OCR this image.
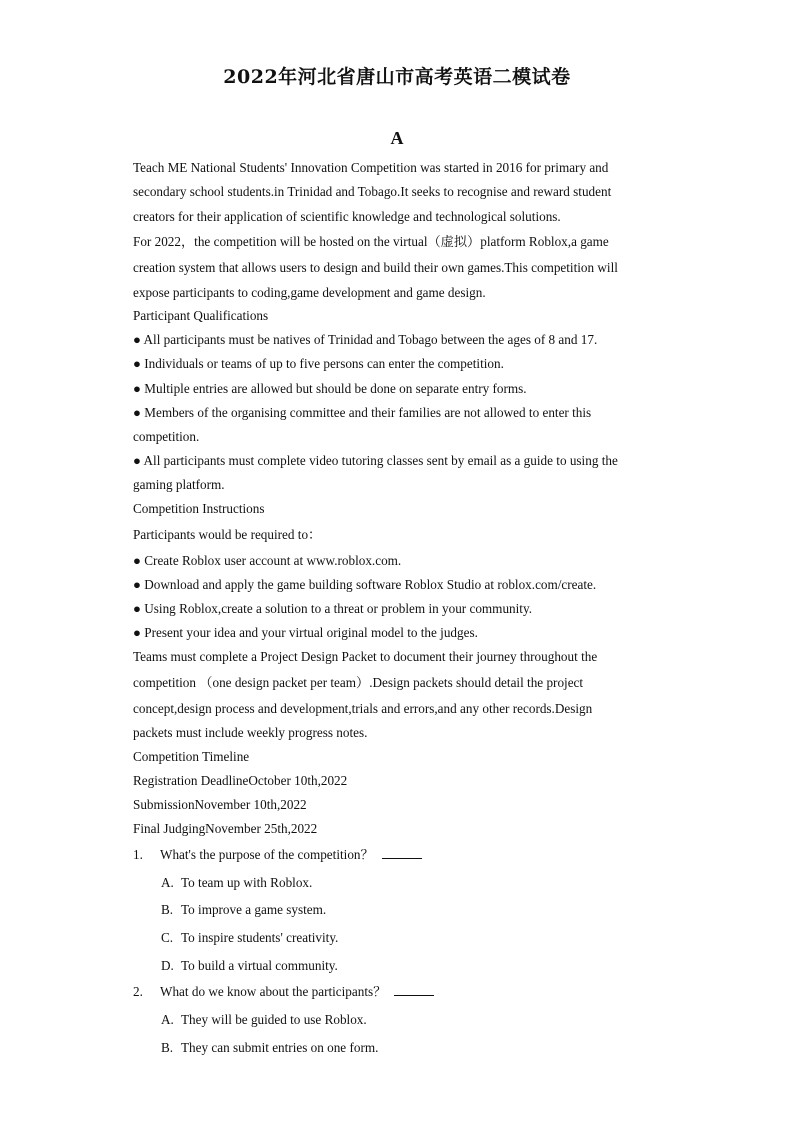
2022年河北省唐山市高考英语二模试卷
A
Teach ME National Students' Innovation Competition was started in 2016 for primary and
secondary school students.in Trinidad and Tobago.It seeks to recognise and reward student
creators for their application of scientific knowledge and technological solutions.
For 2022，the competition will be hosted on the virtual（虚拟）platform Roblox,a game
creation system that allows users to design and build their own games.This competition will
expose participants to coding,game development and game design.
Participant Qualifications
● All participants must be natives of Trinidad and Tobago between the ages of 8 and 17.
● Individuals or teams of up to five persons can enter the competition.
● Multiple entries are allowed but should be done on separate entry forms.
● Members of the organising committee and their families are not allowed to enter this
competition.
● All participants must complete video tutoring classes sent by email as a guide to using the
gaming platform.
Competition Instructions
Participants would be required to：
● Create Roblox user account at www.roblox.com.
● Download and apply the game building software Roblox Studio at roblox.com/create.
● Using Roblox,create a solution to a threat or problem in your community.
● Present your idea and your virtual original model to the judges.
Teams must complete a Project Design Packet to document their journey throughout the
competition （one design packet per team）.Design packets should detail the project
concept,design process and development,trials and errors,and any other records.Design
packets must include weekly progress notes.
Competition Timeline
Registration DeadlineOctober 10th,2022
SubmissionNovember 10th,2022
Final JudgingNovember 25th,2022
1. What's the purpose of the competition？
A. To team up with Roblox.
B. To improve a game system.
C. To inspire students' creativity.
D. To build a virtual community.
2. What do we know about the participants？
A. They will be guided to use Roblox.
B. They can submit entries on one form.
